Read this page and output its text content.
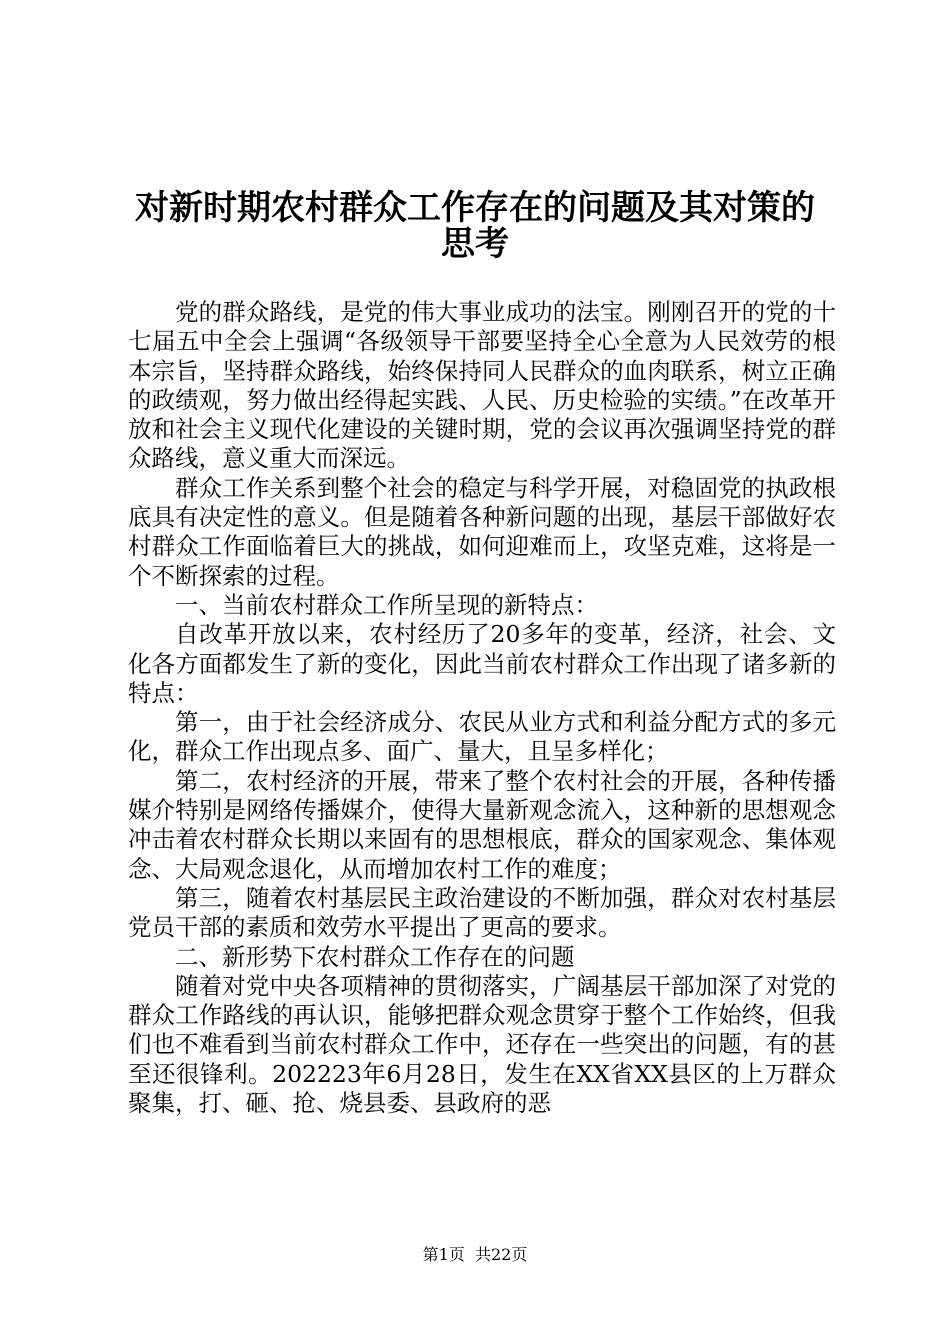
对新时期农村群众工作存在的问题及其对策的
思考

党的群众路线，是党的伟大事业成功的法宝。刚刚召开的党的十七届五中全会上强调“各级领导干部要坚持全心全意为人民效劳的根本宗旨，坚持群众路线，始终保持同人民群众的血肉联系，树立正确的政绩观，努力做出经得起实践、人民、历史检验的实绩。”在改革开放和社会主义现代化建设的关键时期，党的会议再次强调坚持党的群众路线，意义重大而深远。

群众工作关系到整个社会的稳定与科学开展，对稳固党的执政根底具有决定性的意义。但是随着各种新问题的出现，基层干部做好农村群众工作面临着巨大的挑战，如何迎难而上，攻坚克难，这将是一个不断探索的过程。

一、当前农村群众工作所呈现的新特点：

自改革开放以来，农村经历了20多年的变革，经济，社会、文化各方面都发生了新的变化，因此当前农村群众工作出现了诸多新的特点：

第一，由于社会经济成分、农民从业方式和利益分配方式的多元化，群众工作出现点多、面广、量大，且呈多样化；

第二，农村经济的开展，带来了整个农村社会的开展，各种传播媒介特别是网络传播媒介，使得大量新观念流入，这种新的思想观念冲击着农村群众长期以来固有的思想根底，群众的国家观念、集体观念、大局观念退化，从而增加农村工作的难度；

第三，随着农村基层民主政治建设的不断加强，群众对农村基层党员干部的素质和效劳水平提出了更高的要求。

二、新形势下农村群众工作存在的问题

随着对党中央各项精神的贯彻落实，广阔基层干部加深了对党的群众工作路线的再认识，能够把群众观念贯穿于整个工作始终，但我们也不难看到当前农村群众工作中，还存在一些突出的问题，有的甚至还很锋利。202223年6月28日，发生在XX省XX县区的上万群众聚集，打、砸、抢、烧县委、县政府的恶

第1页  共22页
